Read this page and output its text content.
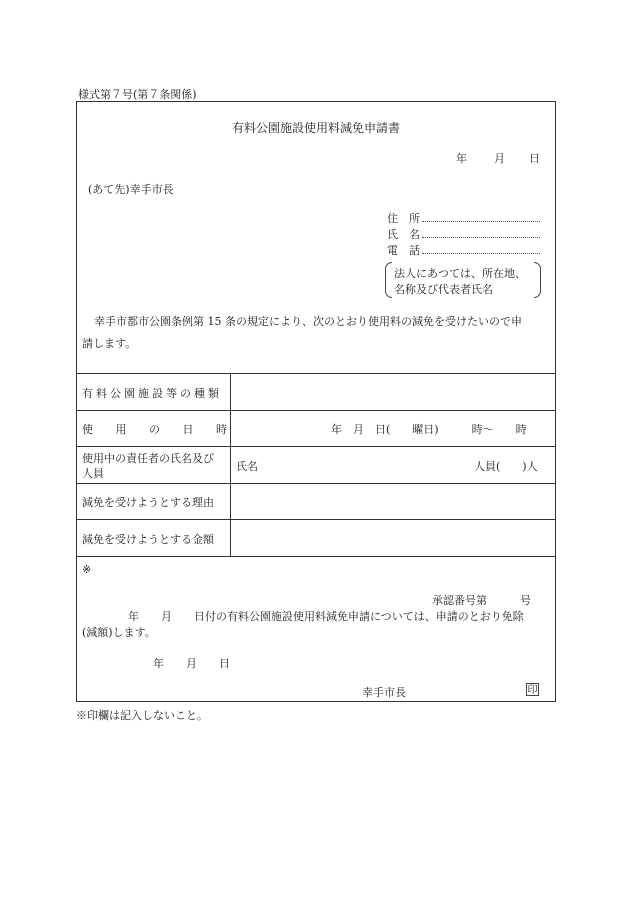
様式第７号(第７条関係)
有料公園施設使用料減免申請書
年 月 日
(あて先)幸手市長
住　所
氏　名
電　話
法人にあつては、所在地、
名称及び代表者氏名
幸手市都市公園条例第 15 条の規定により、次のとおり使用料の減免を受けたいので申
請します。
有料公園施設等の種類
使 用 の 日 時	年　月　日(　　曜日)　　　時～　　時
使用中の責任者の氏名及び
人員
氏名	人員(　　)人
減免を受けようとする理由
減免を受けようとする金額
※
承認番号第　　　号
年　　月　　日付の有料公園施設使用料減免申請については、申請のとおり免除
(減額)します。
年　　月　　日
幸手市長	印
※印欄は記入しないこと。
